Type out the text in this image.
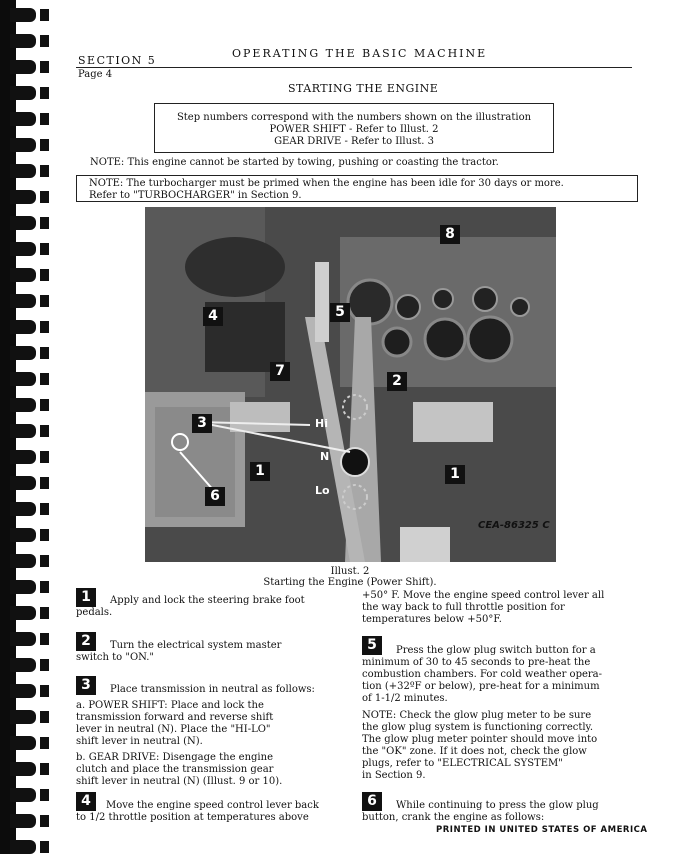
OPERATING THE BASIC MACHINE
SECTION 5
Page 4
STARTING THE ENGINE
Step numbers correspond with the numbers shown on the illustration
POWER SHIFT - Refer to Illust. 2
GEAR DRIVE - Refer to Illust. 3
NOTE: This engine cannot be started by towing, pushing or coasting the tractor.
NOTE: The turbocharger must be primed when the engine has been idle for 30 days or more.
Refer to "TURBOCHARGER" in Section 9.
8
5
4
7
2
3
1	1
6
Hi
N
Lo
CEA-86325 C
Illust. 2
Starting the Engine (Power Shift).
1	Apply and lock the steering brake foot

pedals.
2	Turn the electrical system master
switch to "ON."
3	Place transmission in neutral as follows:

a. POWER SHIFT: Place and lock the

transmission forward and reverse shift

lever in neutral (N). Place the "HI-LO"

shift lever in neutral (N).

b. GEAR DRIVE: Disengage the engine

clutch and place the transmission gear

shift lever in neutral (N) (Illust. 9 or 10).

4	Move the engine speed control lever back
to 1/2 throttle position at temperatures above

+50° F. Move the engine speed control lever all

the way back to full throttle position for

temperatures below +50°F.

5	Press the glow plug switch button for a

minimum of 30 to 45 seconds to pre-heat the

combustion chambers. For cold weather opera-

tion (+32ºF or below), pre-heat for a minimum

of 1-1/2 minutes.

NOTE: Check the glow plug meter to be sure

the glow plug system is functioning correctly.

The glow plug meter pointer should move into

the "OK" zone. If it does not, check the glow

plugs, refer to "ELECTRICAL SYSTEM"

in Section 9.

6	While continuing to press the glow plug
button, crank the engine as follows:
PRINTED IN UNITED STATES OF AMERICA
